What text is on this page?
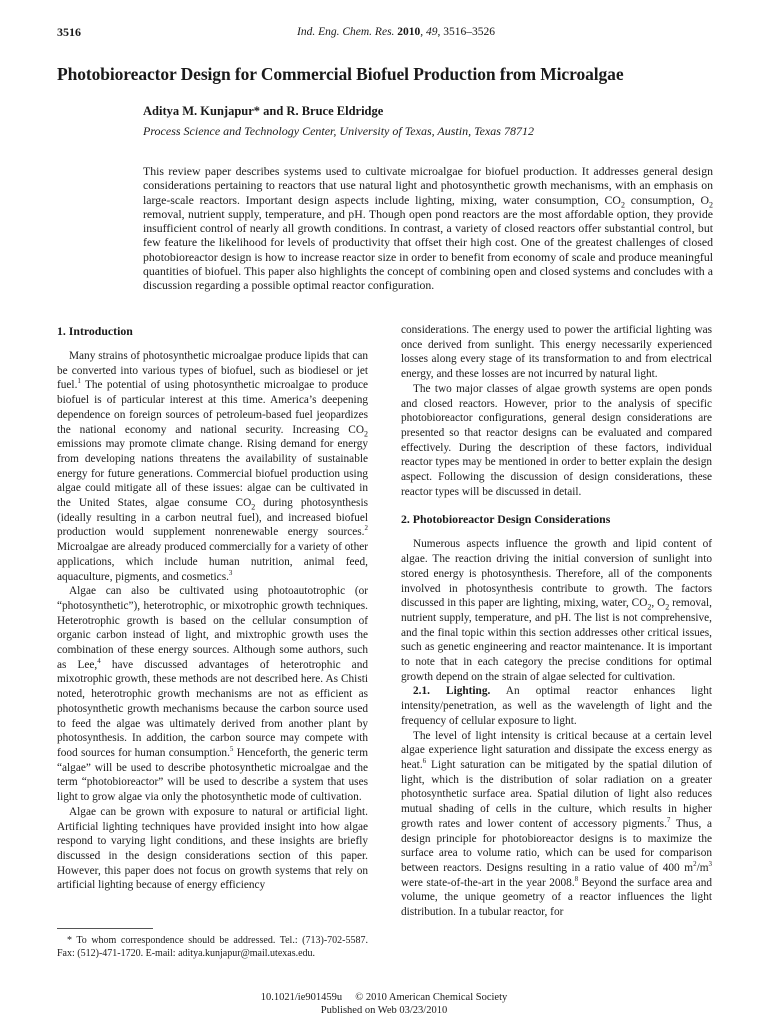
3516	Ind. Eng. Chem. Res. 2010, 49, 3516–3526
Photobioreactor Design for Commercial Biofuel Production from Microalgae
Aditya M. Kunjapur* and R. Bruce Eldridge
Process Science and Technology Center, University of Texas, Austin, Texas 78712

This review paper describes systems used to cultivate microalgae for biofuel production. It addresses general design considerations pertaining to reactors that use natural light and photosynthetic growth mechanisms, with an emphasis on large-scale reactors. Important design aspects include lighting, mixing, water consumption, $CO_2$ consumption, $O_2$ removal, nutrient supply, temperature, and pH. Though open pond reactors are the most affordable option, they provide insufficient control of nearly all growth conditions. In contrast, a variety of closed reactors offer substantial control, but few feature the likelihood for levels of productivity that offset their high cost. One of the greatest challenges of closed photobioreactor design is how to increase reactor size in order to benefit from economy of scale and produce meaningful quantities of biofuel. This paper also highlights the concept of combining open and closed systems and concludes with a discussion regarding a possible optimal reactor configuration.

1. Introduction

Many strains of photosynthetic microalgae produce lipids that can be converted into various types of biofuel, such as biodiesel or jet fuel.$^1$ The potential of using photosynthetic microalgae to produce biofuel is of particular interest at this time. America’s deepening dependence on foreign sources of petroleum-based fuel jeopardizes the national economy and national security. Increasing $CO_2$ emissions may promote climate change. Rising demand for energy from developing nations threatens the availability of sustainable energy for future generations. Commercial biofuel production using algae could mitigate all of these issues: algae can be cultivated in the United States, algae consume $CO_2$ during photosynthesis (ideally resulting in a carbon neutral fuel), and increased biofuel production would supplement nonrenewable energy sources.$^2$ Microalgae are already produced commercially for a variety of other applications, which include human nutrition, animal feed, aquaculture, pigments, and cosmetics.$^3$

Algae can also be cultivated using photoautotrophic (or “photosynthetic”), heterotrophic, or mixotrophic growth techniques. Heterotrophic growth is based on the cellular consumption of organic carbon instead of light, and mixtrophic growth uses the combination of these energy sources. Although some authors, such as Lee,$^4$ have discussed advantages of heterotrophic and mixotrophic growth, these methods are not described here. As Chisti noted, heterotrophic growth mechanisms are not as efficient as photosynthetic growth mechanisms because the carbon source used to feed the algae was ultimately derived from another plant by photosynthesis. In addition, the carbon source may compete with food sources for human consumption.$^5$ Henceforth, the generic term “algae” will be used to describe photosynthetic microalgae and the term “photobioreactor” will be used to describe a system that uses light to grow algae via only the photosynthetic mode of cultivation.

Algae can be grown with exposure to natural or artificial light. Artificial lighting techniques have provided insight into how algae respond to varying light conditions, and these insights are briefly discussed in the design considerations section of this paper. However, this paper does not focus on growth systems that rely on artificial lighting because of energy efficiency

* To whom correspondence should be addressed. Tel.: (713)-702-5587. Fax: (512)-471-1720. E-mail: aditya.kunjapur@mail.utexas.edu.

considerations. The energy used to power the artificial lighting was once derived from sunlight. This energy necessarily experienced losses along every stage of its transformation to and from electrical energy, and these losses are not incurred by natural light.

The two major classes of algae growth systems are open ponds and closed reactors. However, prior to the analysis of specific photobioreactor configurations, general design considerations are presented so that reactor designs can be evaluated and compared effectively. During the description of these factors, individual reactor types may be mentioned in order to better explain the design aspect. Following the discussion of design considerations, these reactor types will be discussed in detail.

2. Photobioreactor Design Considerations

Numerous aspects influence the growth and lipid content of algae. The reaction driving the initial conversion of sunlight into stored energy is photosynthesis. Therefore, all of the components involved in photosynthesis contribute to growth. The factors discussed in this paper are lighting, mixing, water, $CO_2$, $O_2$ removal, nutrient supply, temperature, and pH. The list is not comprehensive, and the final topic within this section addresses other critical issues, such as genetic engineering and reactor maintenance. It is important to note that in each category the precise conditions for optimal growth depend on the strain of algae selected for cultivation.

2.1. Lighting. An optimal reactor enhances light intensity/penetration, as well as the wavelength of light and the frequency of cellular exposure to light.

The level of light intensity is critical because at a certain level algae experience light saturation and dissipate the excess energy as heat.$^6$ Light saturation can be mitigated by the spatial dilution of light, which is the distribution of solar radiation on a greater photosynthetic surface area. Spatial dilution of light also reduces mutual shading of cells in the culture, which results in higher growth rates and lower content of accessory pigments.$^7$ Thus, a design principle for photobioreactor designs is to maximize the surface area to volume ratio, which can be used for comparison between reactors. Designs resulting in a ratio value of 400 $m^2/m^3$ were state-of-the-art in the year 2008.$^8$ Beyond the surface area and volume, the unique geometry of a reactor influences the light distribution. In a tubular reactor, for

10.1021/ie901459u © 2010 American Chemical Society
Published on Web 03/23/2010
